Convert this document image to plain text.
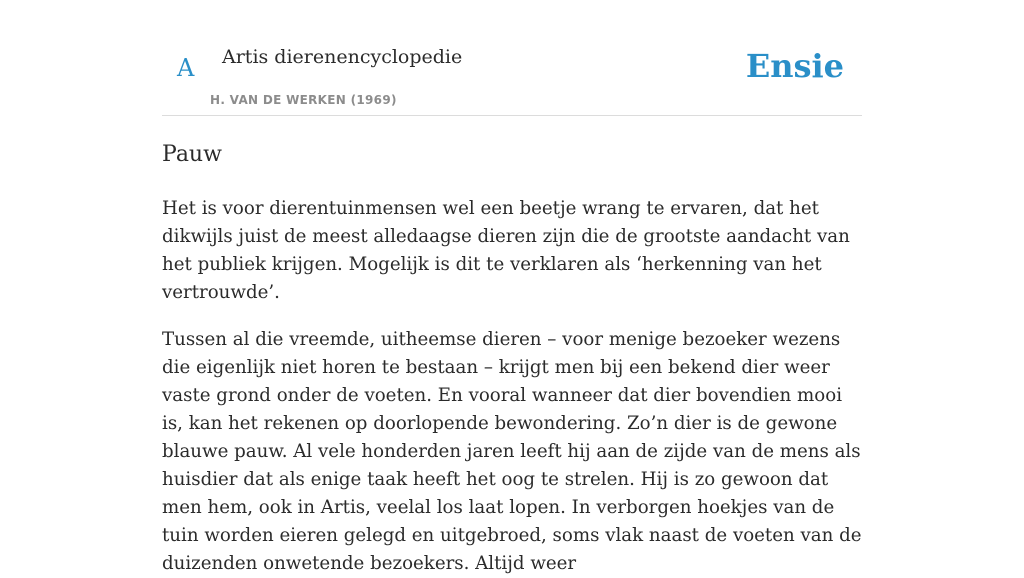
A Artis dierenencyclopedie
H. VAN DE WERKEN (1969)
Ensie
Pauw

Het is voor dierentuinmensen wel een beetje wrang te ervaren, dat het dikwijls juist de meest alledaagse dieren zijn die de grootste aandacht van het publiek krijgen. Mogelijk is dit te verklaren als ‘herkenning van het vertrouwde’.

Tussen al die vreemde, uitheemse dieren – voor menige bezoeker wezens die eigenlijk niet horen te bestaan – krijgt men bij een bekend dier weer vaste grond onder de voeten. En vooral wanneer dat dier bovendien mooi is, kan het rekenen op doorlopende bewondering. Zo’n dier is de gewone blauwe pauw. Al vele honderden jaren leeft hij aan de zijde van de mens als huisdier dat als enige taak heeft het oog te strelen. Hij is zo gewoon dat men hem, ook in Artis, veelal los laat lopen. In verborgen hoekjes van de tuin worden eieren gelegd en uitgebroed, soms vlak naast de voeten van de duizenden onwetende bezoekers. Altijd weer
